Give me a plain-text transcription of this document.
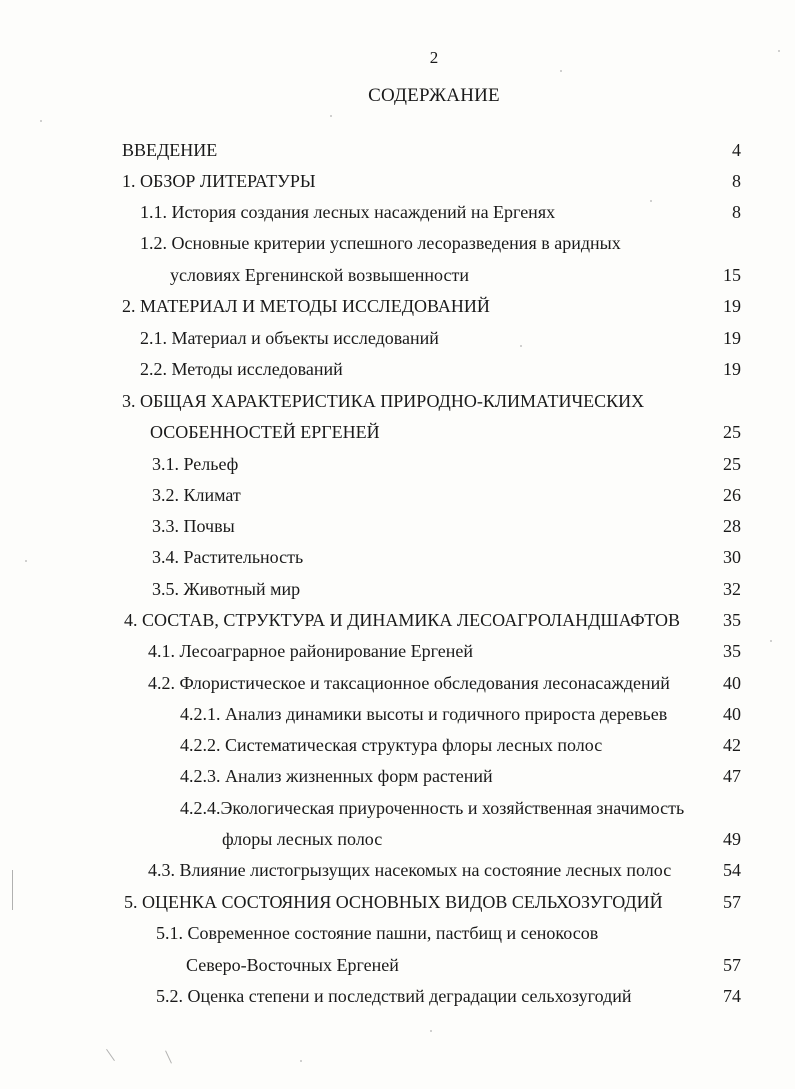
2
СОДЕРЖАНИЕ
ВВЕДЕНИЕ	4
1. ОБЗОР ЛИТЕРАТУРЫ	8
1.1. История создания лесных насаждений на Ергенях	8
1.2. Основные критерии успешного лесоразведения в аридных
условиях Ергенинской возвышенности	15
2. МАТЕРИАЛ И МЕТОДЫ ИССЛЕДОВАНИЙ	19
2.1. Материал и объекты исследований	19
2.2. Методы исследований	19
3. ОБЩАЯ ХАРАКТЕРИСТИКА ПРИРОДНО-КЛИМАТИЧЕСКИХ
ОСОБЕННОСТЕЙ ЕРГЕНЕЙ	25
3.1. Рельеф	25
3.2. Климат	26
3.3. Почвы	28
3.4. Растительность	30
3.5. Животный мир	32
4. СОСТАВ, СТРУКТУРА И ДИНАМИКА ЛЕСОАГРОЛАНДШАФТОВ	35
4.1. Лесоаграрное районирование Ергеней	35
4.2. Флористическое и таксационное обследования лесонасаждений	40
4.2.1. Анализ динамики высоты и годичного прироста деревьев	40
4.2.2. Систематическая структура флоры лесных полос	42
4.2.3. Анализ жизненных форм растений	47
4.2.4.Экологическая приуроченность и хозяйственная значимость
флоры лесных полос	49
4.3. Влияние листогрызущих насекомых на состояние лесных полос	54
5. ОЦЕНКА СОСТОЯНИЯ ОСНОВНЫХ ВИДОВ СЕЛЬХОЗУГОДИЙ	57
5.1. Современное состояние пашни, пастбищ и сенокосов
Северо-Восточных Ергеней	57
5.2. Оценка степени и последствий деградации сельхозугодий	74
